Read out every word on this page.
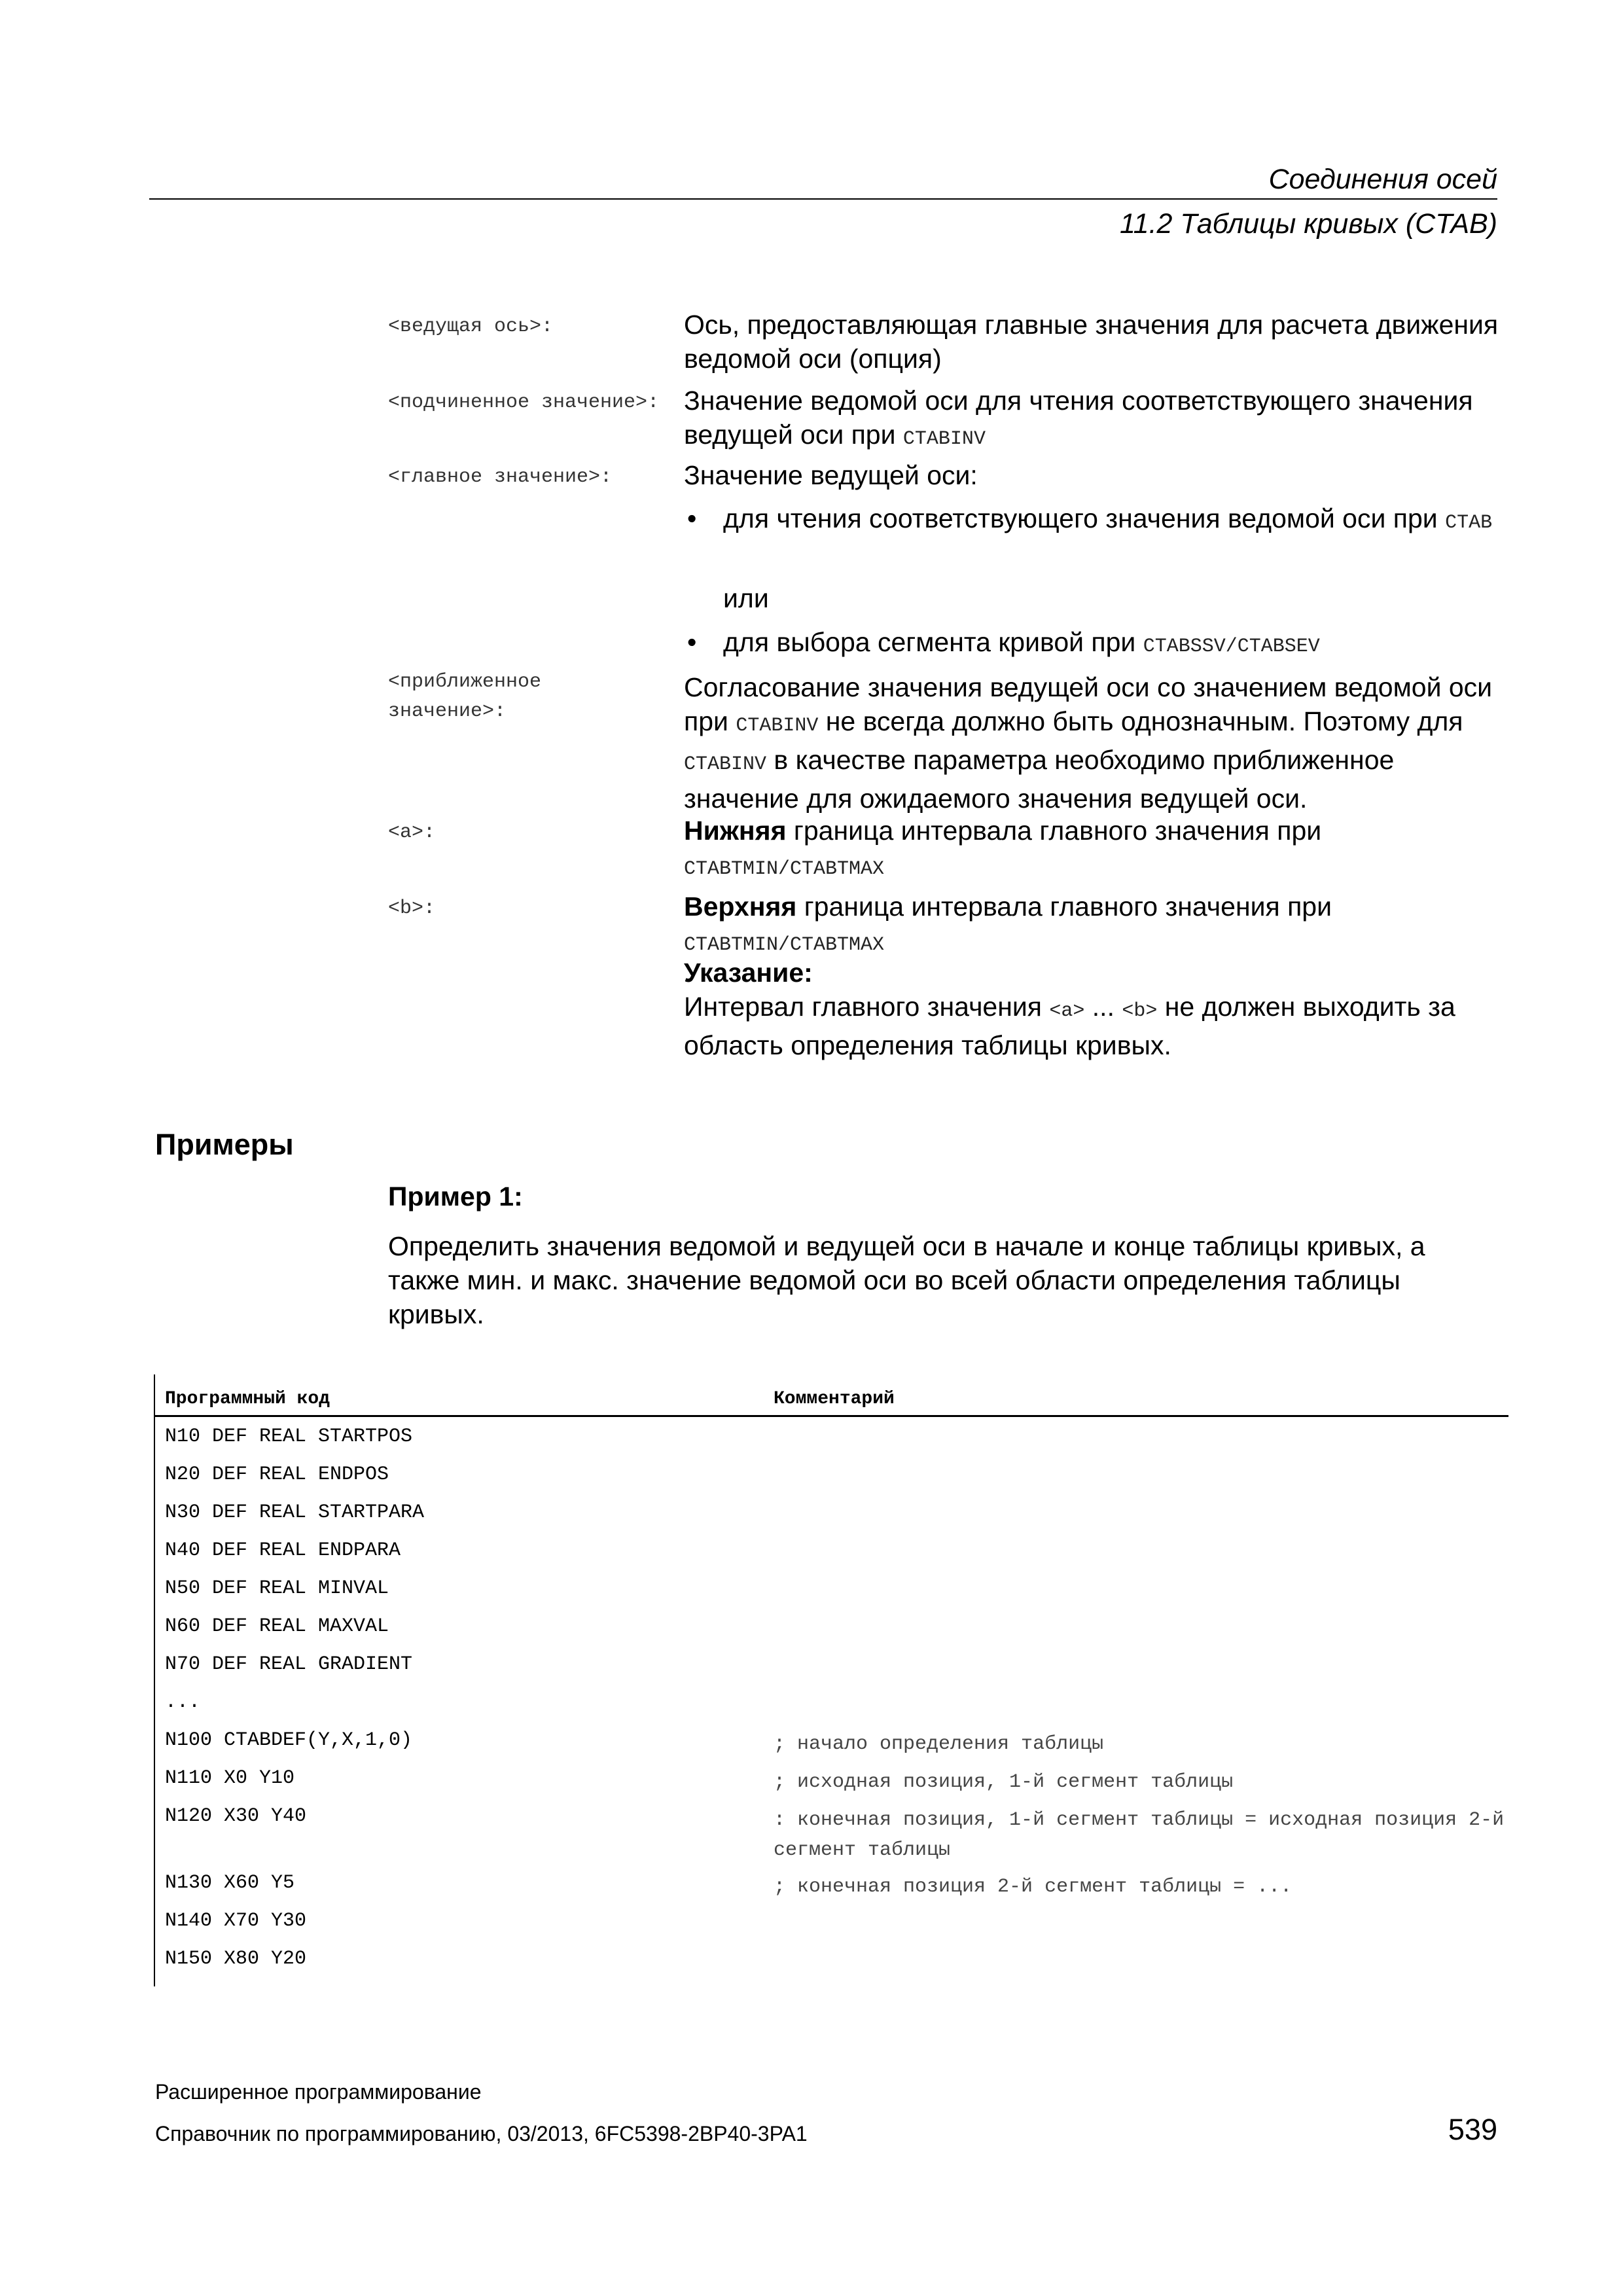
Соединения осей
11.2 Таблицы кривых (CTAB)
<ведущая ось>:	Ось, предоставляющая главные значения для расчета движения ведомой оси (опция)
<подчиненное значение>: Значение ведомой оси для чтения соответствующего значения ведущей оси при CTABINV
<главное значение>:	Значение ведущей оси:
• для чтения соответствующего значения ведомой оси при CTAB
или
• для выбора сегмента кривой при CTABSSV/CTABSEV
<приближенное значение>:
Согласование значения ведущей оси со значением ведомой оси при CTABINV не всегда должно быть однозначным. Поэтому для CTABINV в качестве параметра необходимо приближенное значение для ожидаемого значения ведущей оси.
<a>:	Нижняя граница интервала главного значения при CTABTMIN/CTABTMAX
<b>:	Верхняя граница интервала главного значения при CTABTMIN/CTABTMAX
Указание:
Интервал главного значения <a> ... <b> не должен выходить за область определения таблицы кривых.
Примеры
Пример 1:
Определить значения ведомой и ведущей оси в начале и конце таблицы кривых, а также мин. и макс. значение ведомой оси во всей области определения таблицы кривых.
Программный код	Комментарий
N10 DEF REAL STARTPOS
N20 DEF REAL ENDPOS
N30 DEF REAL STARTPARA
N40 DEF REAL ENDPARA
N50 DEF REAL MINVAL
N60 DEF REAL MAXVAL
N70 DEF REAL GRADIENT
...
N100 CTABDEF(Y,X,1,0)	; начало определения таблицы
N110 X0 Y10	; исходная позиция, 1-й сегмент таблицы
N120 X30 Y40	: конечная позиция, 1-й сегмент таблицы = исходная позиция 2-й сегмент таблицы
N130 X60 Y5	; конечная позиция 2-й сегмент таблицы = ...
N140 X70 Y30
N150 X80 Y20
Расширенное программирование
Справочник по программированию, 03/2013, 6FC5398-2BP40-3PA1	539
